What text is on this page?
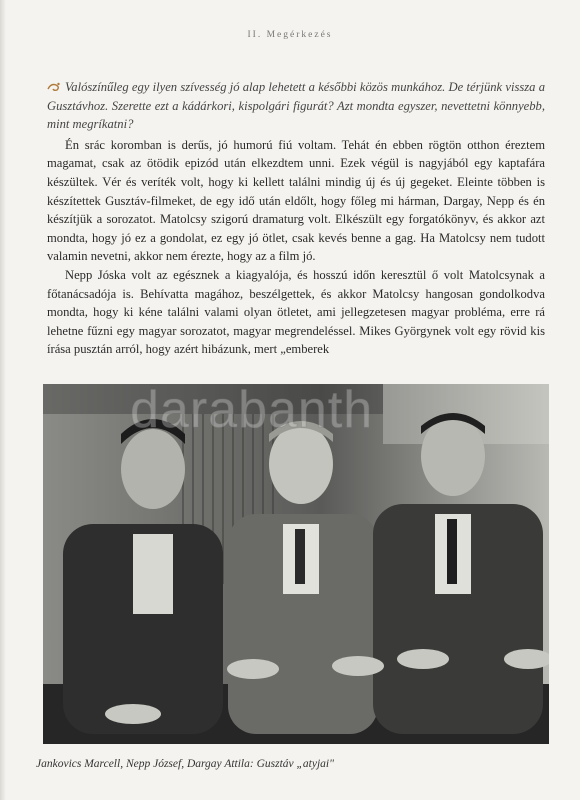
II. Megérkezés

Valószínűleg egy ilyen szívesség jó alap lehetett a későbbi közös munkához. De térjünk vissza a Gusztávhoz. Szerette ezt a kádárkori, kispolgári figurát? Azt mondta egyszer, nevettetni könnyebb, mint megríkatni?

Én srác koromban is derűs, jó humorú fiú voltam. Tehát én ebben rögtön otthon éreztem magamat, csak az ötödik epizód után elkezdtem unni. Ezek végül is nagyjából egy kaptafára készültek. Vér és veríték volt, hogy ki kellett találni mindig új és új gegeket. Eleinte többen is készítettek Gusztáv-filmeket, de egy idő után eldőlt, hogy főleg mi hárman, Dargay, Nepp és én készítjük a sorozatot. Matolcsy szigorú dramaturg volt. Elkészült egy forgatókönyv, és akkor azt mondta, hogy jó ez a gondolat, ez egy jó ötlet, csak kevés benne a gag. Ha Matolcsy nem tudott valamin nevetni, akkor nem érezte, hogy az a film jó.

Nepp Jóska volt az egésznek a kiagyalója, és hosszú időn keresztül ő volt Matolcsynak a főtanácsadója is. Behívatta magához, beszélgettek, és akkor Matolcsy hangosan gondolkodva mondta, hogy ki kéne találni valami olyan ötletet, ami jellegzetesen magyar probléma, erre rá lehetne fűzni egy magyar sorozatot, magyar megrendeléssel. Mikes Györgynek volt egy rövid kis írása pusztán arról, hogy azért hibázunk, mert „emberek

darabanth
Jankovics Marcell, Nepp József, Dargay Attila: Gusztáv „atyjai"
